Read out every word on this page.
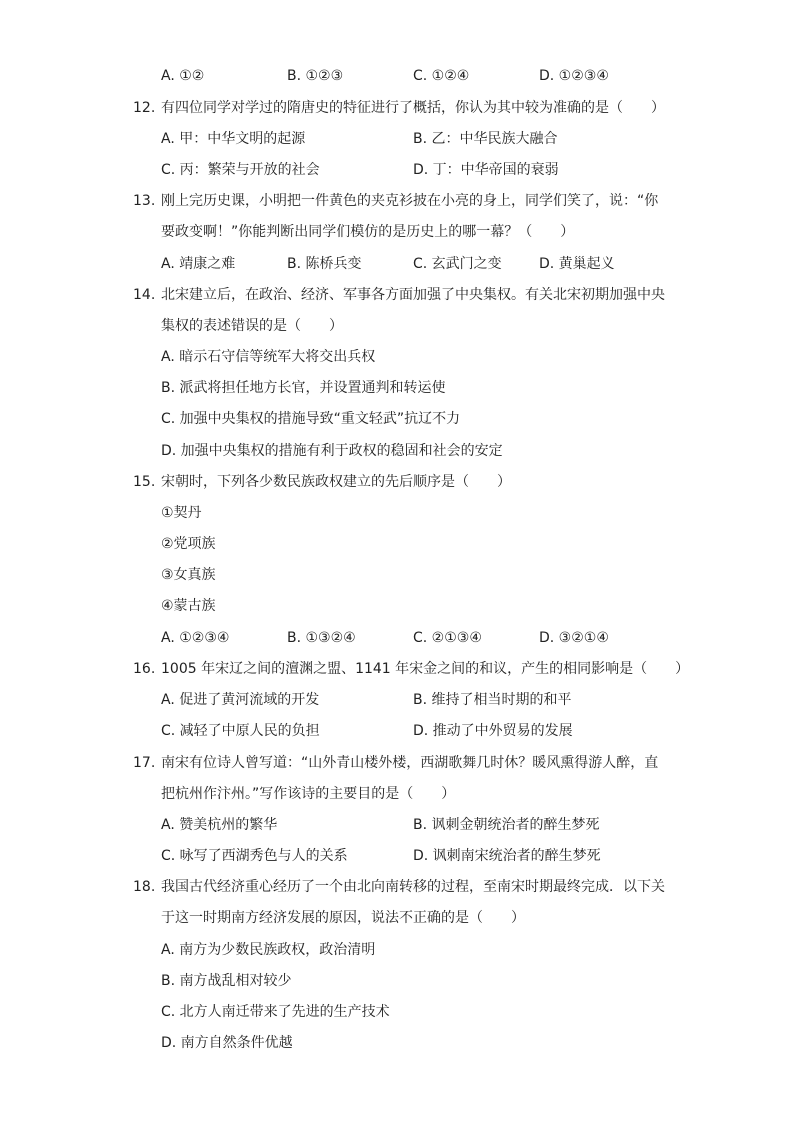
A. ①②	B. ①②③	C. ①②④	D. ①②③④
12. 有四位同学对学过的隋唐史的特征进行了概括，你认为其中较为准确的是（　　）
A. 甲：中华文明的起源	B. 乙：中华民族大融合
C. 丙：繁荣与开放的社会	D. 丁：中华帝国的衰弱
13. 刚上完历史课，小明把一件黄色的夹克衫披在小亮的身上，同学们笑了，说：“你
要政变啊！”你能判断出同学们模仿的是历史上的哪一幕？（　　）
A. 靖康之难	B. 陈桥兵变	C. 玄武门之变	D. 黄巢起义
14. 北宋建立后，在政治、经济、军事各方面加强了中央集权。有关北宋初期加强中央
集权的表述错误的是（　　）
A. 暗示石守信等统军大将交出兵权
B. 派武将担任地方长官，并设置通判和转运使
C. 加强中央集权的措施导致“重文轻武”抗辽不力
D. 加强中央集权的措施有利于政权的稳固和社会的安定
15. 宋朝时，下列各少数民族政权建立的先后顺序是（　　）
①契丹
②党项族
③女真族
④蒙古族
A. ①②③④	B. ①③②④	C. ②①③④	D. ③②①④
16. 1005 年宋辽之间的澶渊之盟、1141 年宋金之间的和议，产生的相同影响是（　　）
A. 促进了黄河流域的开发	B. 维持了相当时期的和平
C. 减轻了中原人民的负担	D. 推动了中外贸易的发展
17. 南宋有位诗人曾写道：“山外青山楼外楼，西湖歌舞几时休？暖风熏得游人醉，直
把杭州作汴州。”写作该诗的主要目的是（　　）
A. 赞美杭州的繁华	B. 讽刺金朝统治者的醉生梦死
C. 咏写了西湖秀色与人的关系	D. 讽刺南宋统治者的醉生梦死
18. 我国古代经济重心经历了一个由北向南转移的过程，至南宋时期最终完成．以下关
于这一时期南方经济发展的原因，说法不正确的是（　　）
A. 南方为少数民族政权，政治清明
B. 南方战乱相对较少
C. 北方人南迁带来了先进的生产技术
D. 南方自然条件优越
